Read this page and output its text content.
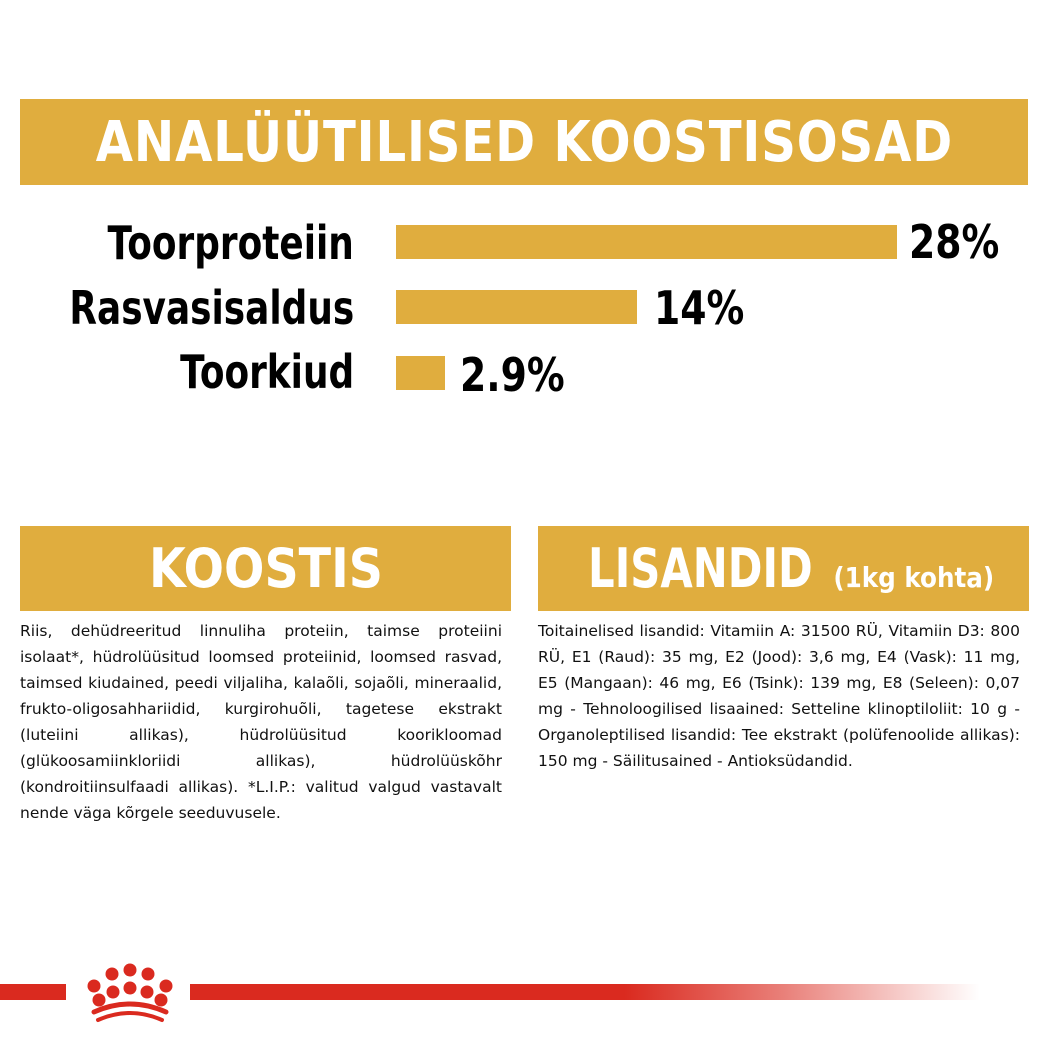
ANALÜÜTILISED KOOSTISOSAD
Toorproteiin	28%
Rasvasisaldus	14%
Toorkiud 2.9%
KOOSTIS
Riis, dehüdreeritud linnuliha proteiin, taimse proteiini isolaat*, hüdrolüüsitud loomsed proteiinid, loomsed rasvad, taimsed kiudained, peedi viljaliha, kalaõli, sojaõli, mineraalid, frukto-oligosahhariidid, kurgirohuõli, tagetese ekstrakt (luteiini allikas), hüdrolüüsitud koorikloomad (glükoosamiinkloriidi allikas), hüdrolüüskõhr (kondroitiinsulfaadi allikas). *L.I.P.: valitud valgud vastavalt nende väga kõrgele seeduvusele.
LISANDID (1kg kohta)
Toitainelised lisandid: Vitamiin A: 31500 RÜ, Vitamiin D3: 800 RÜ, E1 (Raud): 35 mg, E2 (Jood): 3,6 mg, E4 (Vask): 11 mg, E5 (Mangaan): 46 mg, E6 (Tsink): 139 mg, E8 (Seleen): 0,07 mg - Tehnoloogilised lisaained: Setteline klinoptiloliit: 10 g - Organoleptilised lisandid: Tee ekstrakt (polüfenoolide allikas): 150 mg - Säilitusained - Antioksüdandid.
